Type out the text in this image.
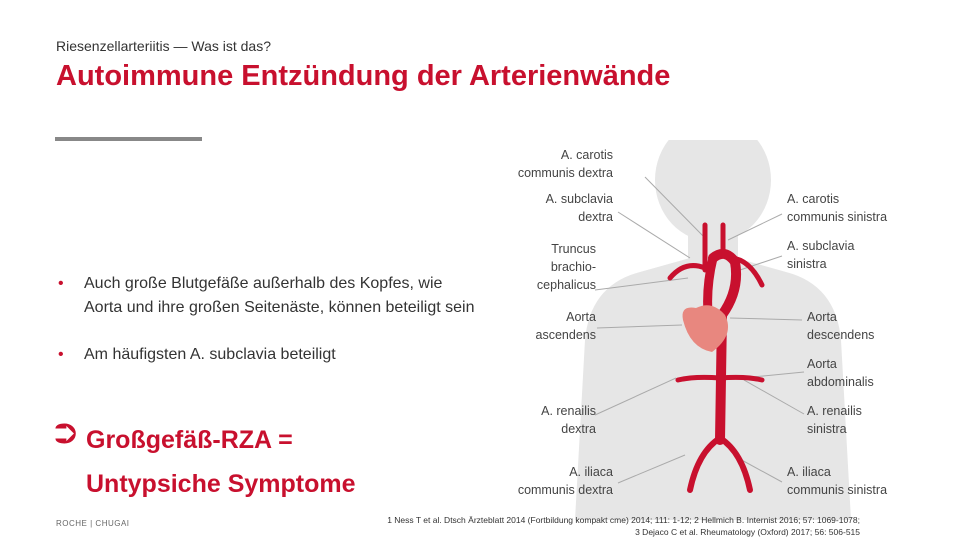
Riesenzellarteriitis — Was ist das?
Autoimmune Entzündung der Arterienwände
• Auch große Blutgefäße außerhalb des Kopfes, wie Aorta und ihre großen Seitenäste, können beteiligt sein
• Am häufigsten A. subclavia beteiligt
⮊ Großgefäß-RZA =
Untypsiche Symptome
A. carotis
communis dextra
A. subclavia
dextra
Truncus
brachio-
cephalicus
Aorta
ascendens
A. renailis
dextra
A. iliaca
communis dextra
A. carotis
communis sinistra
A. subclavia
sinistra
Aorta
descendens
Aorta
abdominalis
A. renailis
sinistra
A. iliaca
communis sinistra
ROCHE | CHUGAI	1 Ness T et al. Dtsch Ärzteblatt 2014 (Fortbildung kompakt cme) 2014; 111: 1-12; 2 Hellmich B. Internist 2016; 57: 1069-1078;
3 Dejaco C et al. Rheumatology (Oxford) 2017; 56: 506-515
